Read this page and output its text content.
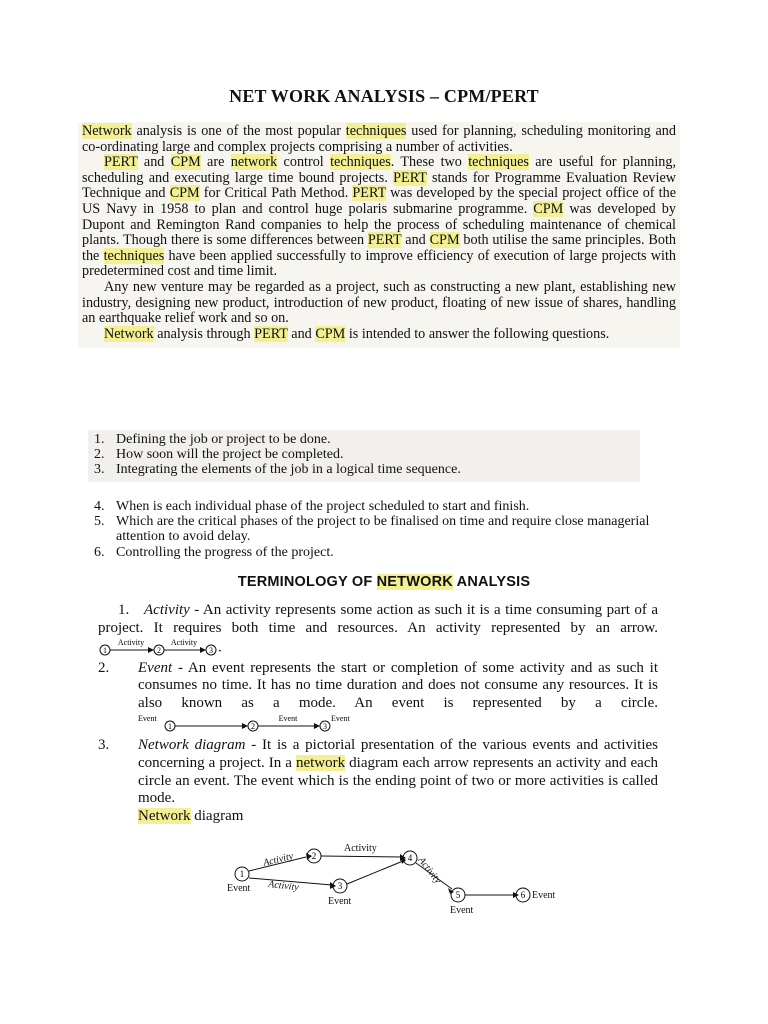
NET WORK ANALYSIS – CPM/PERT

Network analysis is one of the most popular techniques used for planning, scheduling monitoring and co-ordinating large and complex projects comprising a number of activities.

PERT and CPM are network control techniques. These two techniques are useful for planning, scheduling and executing large time bound projects. PERT stands for Programme Evaluation Review Technique and CPM for Critical Path Method. PERT was developed by the special project office of the US Navy in 1958 to plan and control huge polaris submarine programme. CPM was developed by Dupont and Remington Rand companies to help the process of scheduling maintenance of chemical plants. Though there is some differences between PERT and CPM both utilise the same principles. Both the techniques have been applied successfully to improve efficiency of execution of large projects with predetermined cost and time limit.

Any new venture may be regarded as a project, such as constructing a new plant, establishing new industry, designing new product, introduction of new product, floating of new issue of shares, handling an earthquake relief work and so on.

Network analysis through PERT and CPM is intended to answer the following questions.

1. Defining the job or project to be done.
2. How soon will the project be completed.
3. Integrating the elements of the job in a logical time sequence.
4. When is each individual phase of the project scheduled to start and finish.
5. Which are the critical phases of the project to be finalised on time and require close managerial attention to avoid delay.
6. Controlling the progress of the project.
TERMINOLOGY OF NETWORK ANALYSIS
1. Activity - An activity represents some action as such it is a time consuming part of a project. It requires both time and resources. An activity represented by an arrow.
1
Activity
2
Activity
3 .
2. Event - An event represents the start or completion of some activity and as such it consumes no time. It has no time duration and does not consume any resources. It is also known as a mode. An event is represented by a circle.
Event
1	2
Event
3
Event
3. Network diagram - It is a pictorial presentation of the various events and activities concerning a project. In a network diagram each arrow represents an activity and each circle an event. The event which is the ending point of two or more activities is called mode.
Network diagram
1
2
3
4
5	6
Activity
Activity
Activity
Activity
Event
Event
Event
Event
